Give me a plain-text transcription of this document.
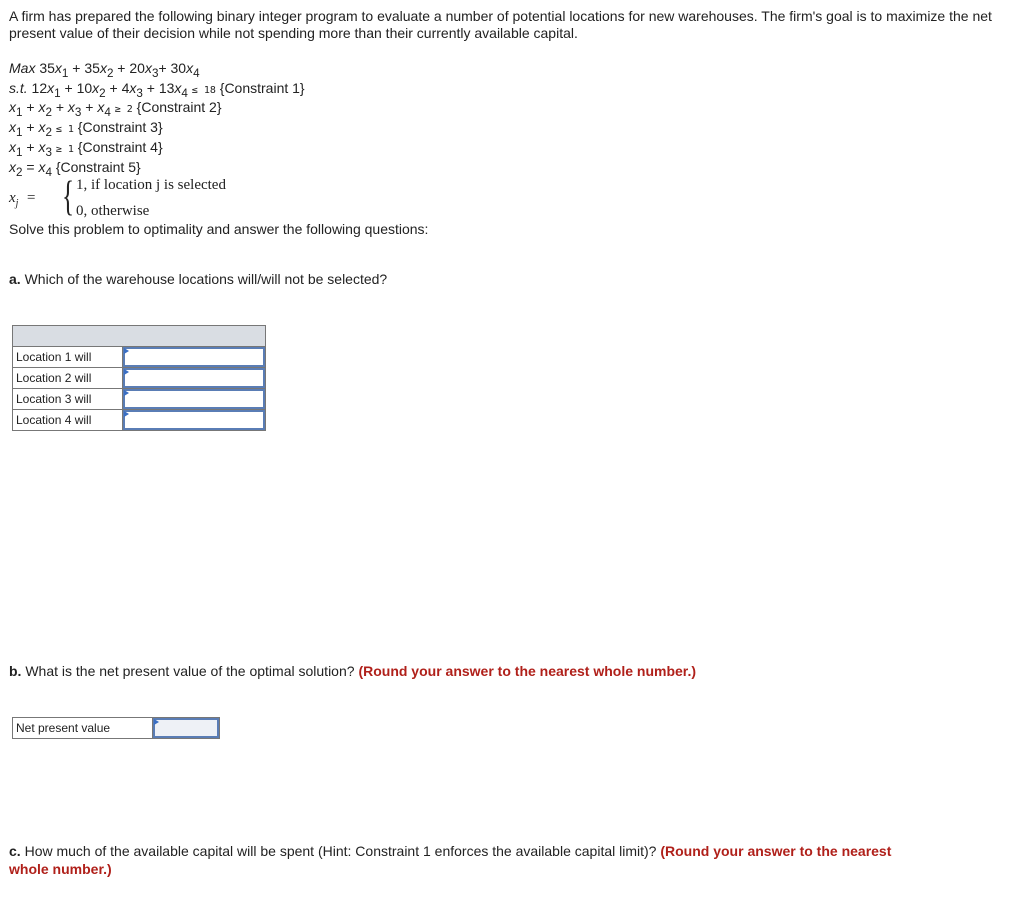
A firm has prepared the following binary integer program to evaluate a number of potential locations for new warehouses. The firm's goal is to maximize the net present value of their decision while not spending more than their currently available capital.
Max $35x_1 + 35x_2 + 20x_3+ 30x_4$
s.t. $12x_1 + 10x_2 + 4x_3 + 13x_4 \le 18$ {Constraint 1}
$x_1 + x_2 + x_3 + x_4 \ge 2$ {Constraint 2}
$x_1 + x_2 \le 1$ {Constraint 3}
$x_1 + x_3 \ge 1$ {Constraint 4}
$x_2 = x_4$ {Constraint 5}
$x_j$  = { 1, if location j is selected
0, otherwise
Solve this problem to optimality and answer the following questions:
a. Which of the warehouse locations will/will not be selected?

Location 1 will	

Location 2 will	

Location 3 will	

Location 4 will	
b. What is the net present value of the optimal solution? (Round your answer to the nearest whole number.)
Net present value	
c. How much of the available capital will be spent (Hint: Constraint 1 enforces the available capital limit)? (Round your answer to the nearest whole number.)
